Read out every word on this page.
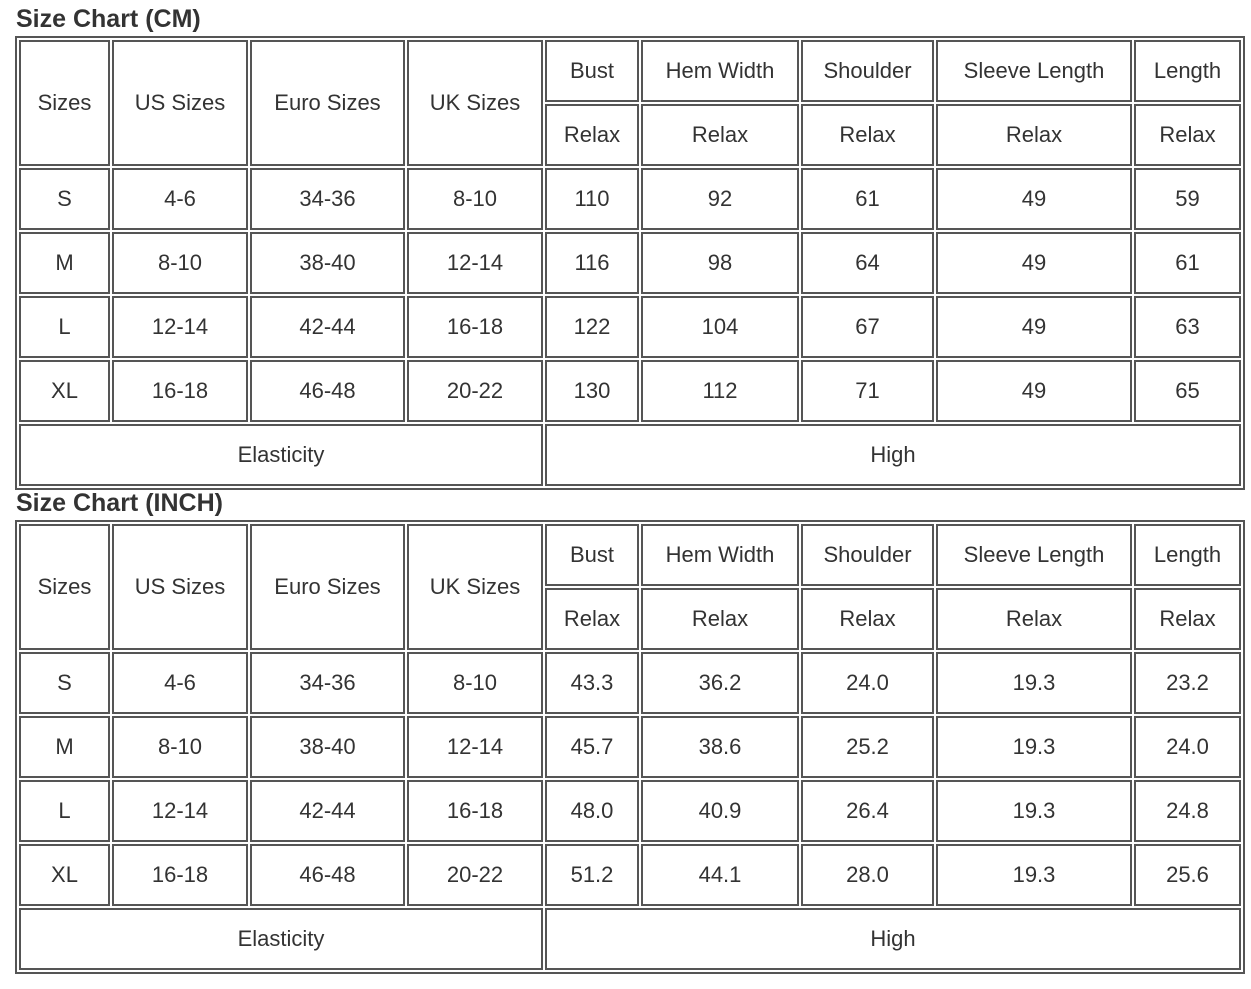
Size Chart (CM)
Sizes	US Sizes	Euro Sizes	UK Sizes	Bust	Hem Width	Shoulder	Sleeve Length	Length
				Relax	Relax	Relax	Relax	Relax
S	4-6	34-36	8-10	110	92	61	49	59
M	8-10	38-40	12-14	116	98	64	49	61
L	12-14	42-44	16-18	122	104	67	49	63
XL	16-18	46-48	20-22	130	112	71	49	65
Elasticity				High				
Size Chart (INCH)
Sizes	US Sizes	Euro Sizes	UK Sizes	Bust	Hem Width	Shoulder	Sleeve Length	Length
				Relax	Relax	Relax	Relax	Relax
S	4-6	34-36	8-10	43.3	36.2	24.0	19.3	23.2
M	8-10	38-40	12-14	45.7	38.6	25.2	19.3	24.0
L	12-14	42-44	16-18	48.0	40.9	26.4	19.3	24.8
XL	16-18	46-48	20-22	51.2	44.1	28.0	19.3	25.6
Elasticity				High				
